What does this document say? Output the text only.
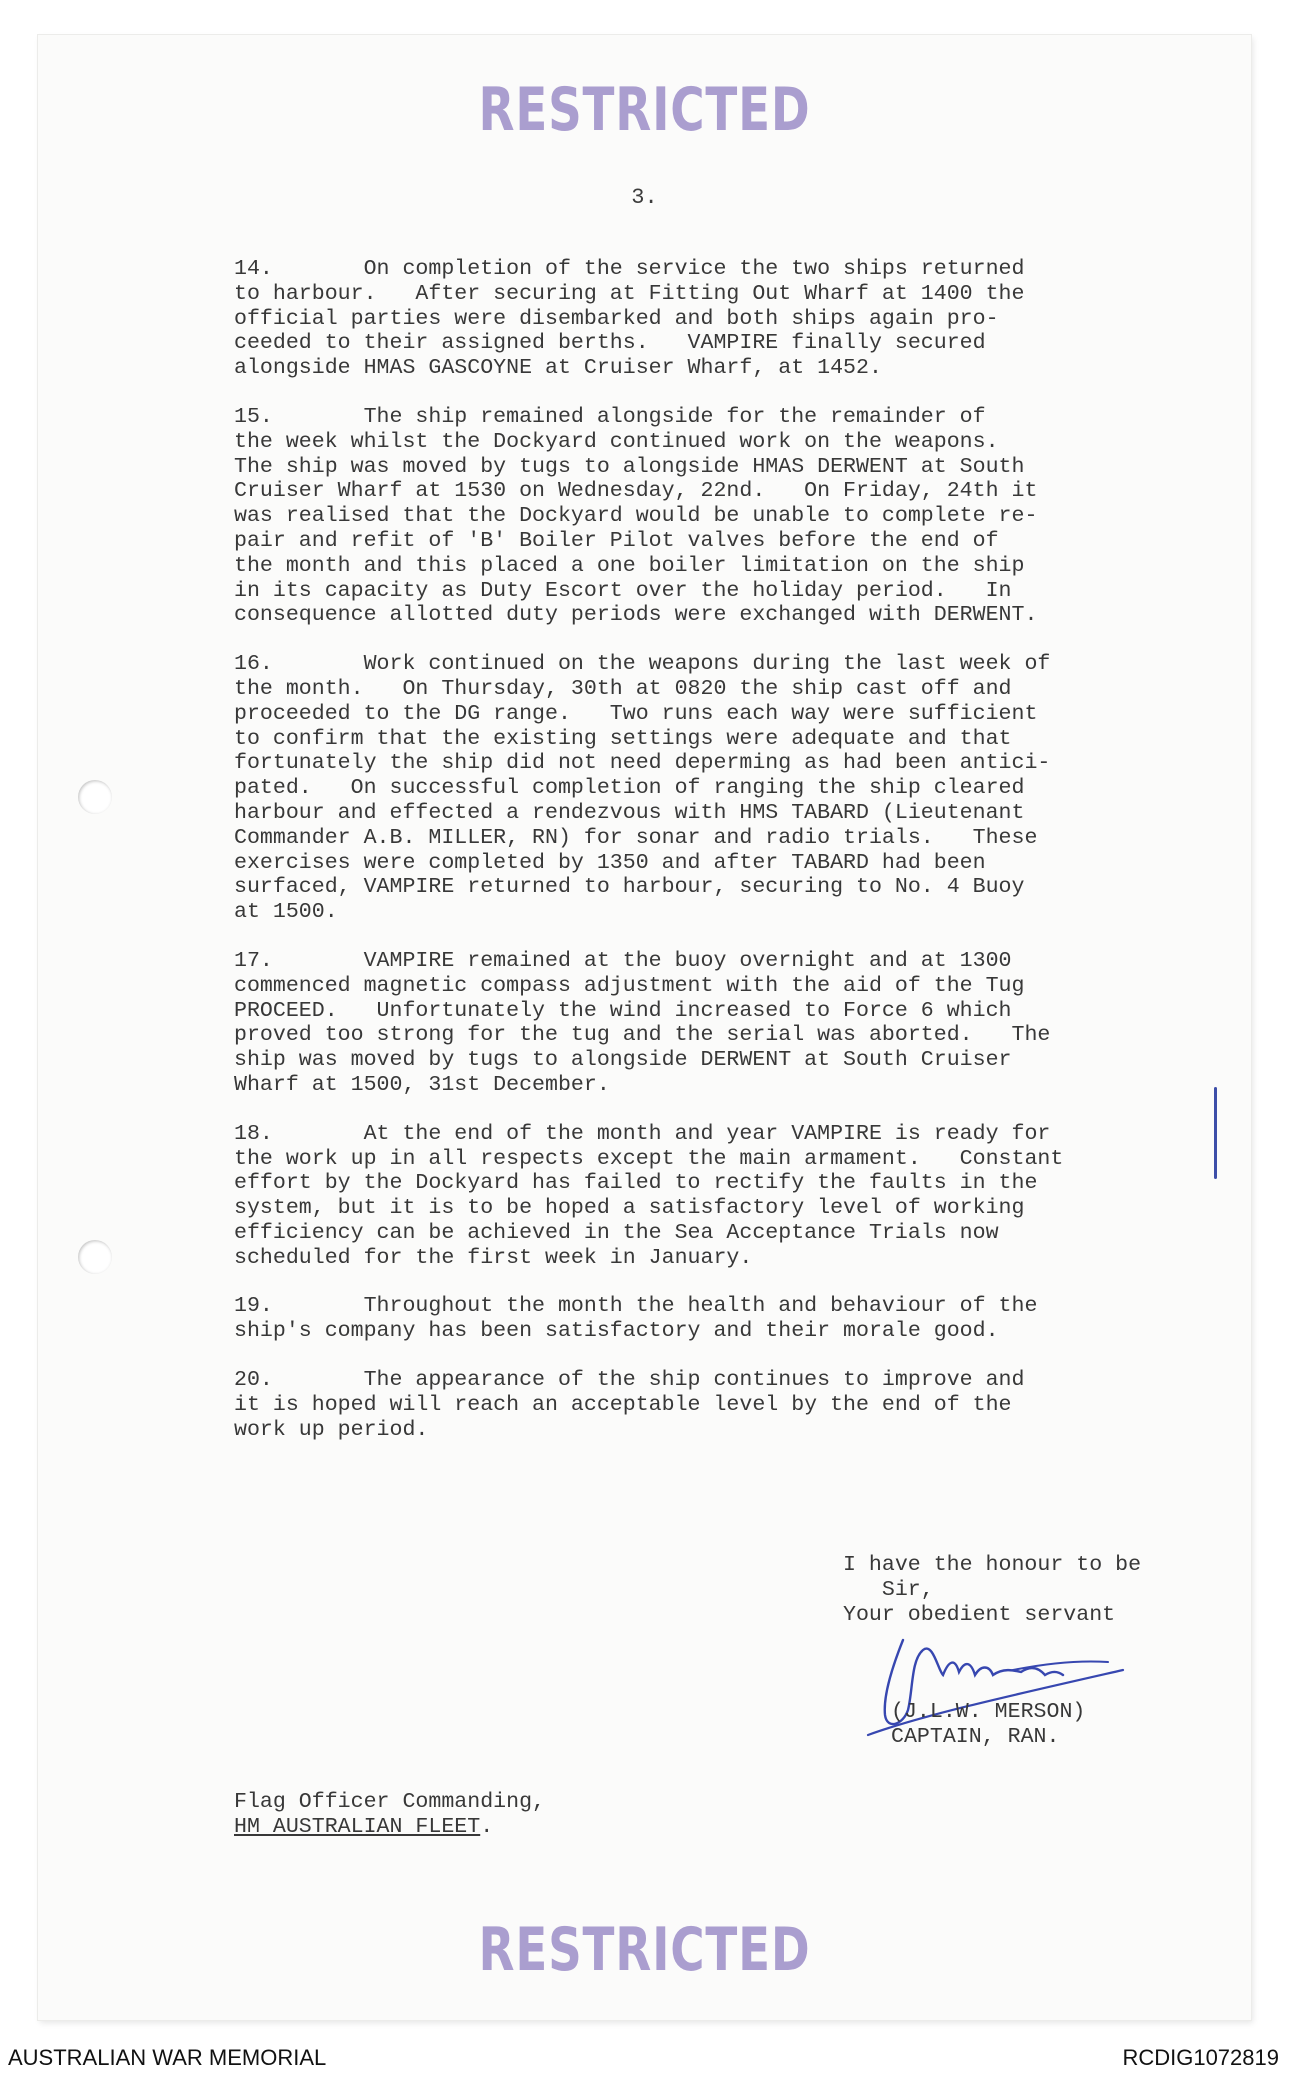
RESTRICTED
3.

14.       On completion of the service the two ships returned
to harbour.   After securing at Fitting Out Wharf at 1400 the
official parties were disembarked and both ships again pro-
ceeded to their assigned berths.   VAMPIRE finally secured
alongside HMAS GASCOYNE at Cruiser Wharf, at 1452.

15.       The ship remained alongside for the remainder of
the week whilst the Dockyard continued work on the weapons.
The ship was moved by tugs to alongside HMAS DERWENT at South
Cruiser Wharf at 1530 on Wednesday, 22nd.   On Friday, 24th it
was realised that the Dockyard would be unable to complete re-
pair and refit of 'B' Boiler Pilot valves before the end of
the month and this placed a one boiler limitation on the ship
in its capacity as Duty Escort over the holiday period.   In
consequence allotted duty periods were exchanged with DERWENT.

16.       Work continued on the weapons during the last week of
the month.   On Thursday, 30th at 0820 the ship cast off and
proceeded to the DG range.   Two runs each way were sufficient
to confirm that the existing settings were adequate and that
fortunately the ship did not need deperming as had been antici-
pated.   On successful completion of ranging the ship cleared
harbour and effected a rendezvous with HMS TABARD (Lieutenant
Commander A.B. MILLER, RN) for sonar and radio trials.   These
exercises were completed by 1350 and after TABARD had been
surfaced, VAMPIRE returned to harbour, securing to No. 4 Buoy
at 1500.

17.       VAMPIRE remained at the buoy overnight and at 1300
commenced magnetic compass adjustment with the aid of the Tug
PROCEED.   Unfortunately the wind increased to Force 6 which
proved too strong for the tug and the serial was aborted.   The
ship was moved by tugs to alongside DERWENT at South Cruiser
Wharf at 1500, 31st December.

18.       At the end of the month and year VAMPIRE is ready for
the work up in all respects except the main armament.   Constant
effort by the Dockyard has failed to rectify the faults in the
system, but it is to be hoped a satisfactory level of working
efficiency can be achieved in the Sea Acceptance Trials now
scheduled for the first week in January.

19.       Throughout the month the health and behaviour of the
ship's company has been satisfactory and their morale good.

20.       The appearance of the ship continues to improve and
it is hoped will reach an acceptable level by the end of the
work up period.

I have the honour to be
Sir,
Your obedient servant
(J.L.W. MERSON)
CAPTAIN, RAN.
Flag Officer Commanding,
HM AUSTRALIAN FLEET.
RESTRICTED
AUSTRALIAN WAR MEMORIAL	RCDIG1072819
